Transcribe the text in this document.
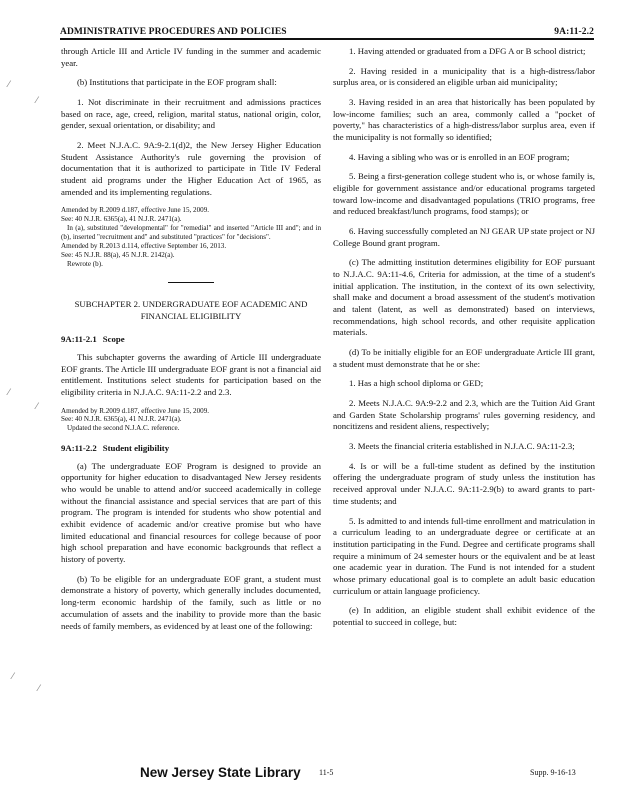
ADMINISTRATIVE PROCEDURES AND POLICIES	9A:11-2.2

through Article III and Article IV funding in the summer and academic year.

(b) Institutions that participate in the EOF program shall:

1. Not discriminate in their recruitment and admissions practices based on race, age, creed, religion, marital status, national origin, color, gender, sexual orientation, or disability; and

2. Meet N.J.A.C. 9A:9-2.1(d)2, the New Jersey Higher Education Student Assistance Authority's rule governing the provision of documentation that it is authorized to participate in Title IV Federal student aid programs under the Higher Education Act of 1965, as amended and its implementing regulations.

Amended by R.2009 d.187, effective June 15, 2009.

See: 40 N.J.R. 6365(a), 41 N.J.R. 2471(a).

In (a), substituted "developmental" for "remedial" and inserted "Article III and"; and in (b), inserted "recruitment and" and substituted "practices" for "decisions".

Amended by R.2013 d.114, effective September 16, 2013.

See: 45 N.J.R. 88(a), 45 N.J.R. 2142(a).

Rewrote (b).

SUBCHAPTER 2. UNDERGRADUATE EOF ACADEMIC AND FINANCIAL ELIGIBILITY

9A:11-2.1 Scope

This subchapter governs the awarding of Article III undergraduate EOF grants. The Article III undergraduate EOF grant is not a financial aid entitlement. Institutions select students for participation based on the eligibility criteria in N.J.A.C. 9A:11-2.2 and 2.3.

Amended by R.2009 d.187, effective June 15, 2009.

See: 40 N.J.R. 6365(a), 41 N.J.R. 2471(a).

Updated the second N.J.A.C. reference.

9A:11-2.2 Student eligibility

(a) The undergraduate EOF Program is designed to provide an opportunity for higher education to disadvantaged New Jersey residents who would be unable to attend and/or succeed academically in college without the financial assistance and special services that are part of this program. The program is intended for students who show potential and exhibit evidence of academic and/or creative promise but who have limited educational and financial resources for college because of poor high school preparation and have economic backgrounds that reflect a history of poverty.

(b) To be eligible for an undergraduate EOF grant, a student must demonstrate a history of poverty, which generally includes documented, long-term economic hardship of the family, such as little or no accumulation of assets and the inability to provide more than the basic needs of family members, as evidenced by at least one of the following:

1. Having attended or graduated from a DFG A or B school district;

2. Having resided in a municipality that is a high-distress/labor surplus area, or is considered an eligible urban aid municipality;

3. Having resided in an area that historically has been populated by low-income families; such an area, commonly called a "pocket of poverty," has characteristics of a high-distress/labor surplus area, even if the municipality is not formally so identified;

4. Having a sibling who was or is enrolled in an EOF program;

5. Being a first-generation college student who is, or whose family is, eligible for government assistance and/or educational programs targeted toward low-income and disadvantaged populations (TRIO programs, free and reduced breakfast/lunch programs, food stamps); or

6. Having successfully completed an NJ GEAR UP state project or NJ College Bound grant program.

(c) The admitting institution determines eligibility for EOF pursuant to N.J.A.C. 9A:11-4.6, Criteria for admission, at the time of a student's initial application. The institution, in the context of its own selectivity, shall make and document a broad assessment of the student's motivation and talent (latent, as well as demonstrated) based on interviews, recommendations, high school records, and other requisite application materials.

(d) To be initially eligible for an EOF undergraduate Article III grant, a student must demonstrate that he or she:

1. Has a high school diploma or GED;

2. Meets N.J.A.C. 9A:9-2.2 and 2.3, which are the Tuition Aid Grant and Garden State Scholarship programs' rules governing residency, and noncitizens and resident aliens, respectively;

3. Meets the financial criteria established in N.J.A.C. 9A:11-2.3;

4. Is or will be a full-time student as defined by the institution offering the undergraduate program of study unless the institution has received approval under N.J.A.C. 9A:11-2.9(b) to award grants to part-time students; and

5. Is admitted to and intends full-time enrollment and matriculation in a curriculum leading to an undergraduate degree or certificate at an institution participating in the Fund. Degree and certificate programs shall require a minimum of 24 semester hours or the equivalent and be at least one academic year in duration. The Fund is not intended for a student whose primary educational goal is to complete an adult basic education curriculum or attain language proficiency.

(e) In addition, an eligible student shall exhibit evidence of the potential to succeed in college, but:

⁄
⁄
⁄
⁄
⁄
⁄
New Jersey State Library 11-5	Supp. 9-16-13
